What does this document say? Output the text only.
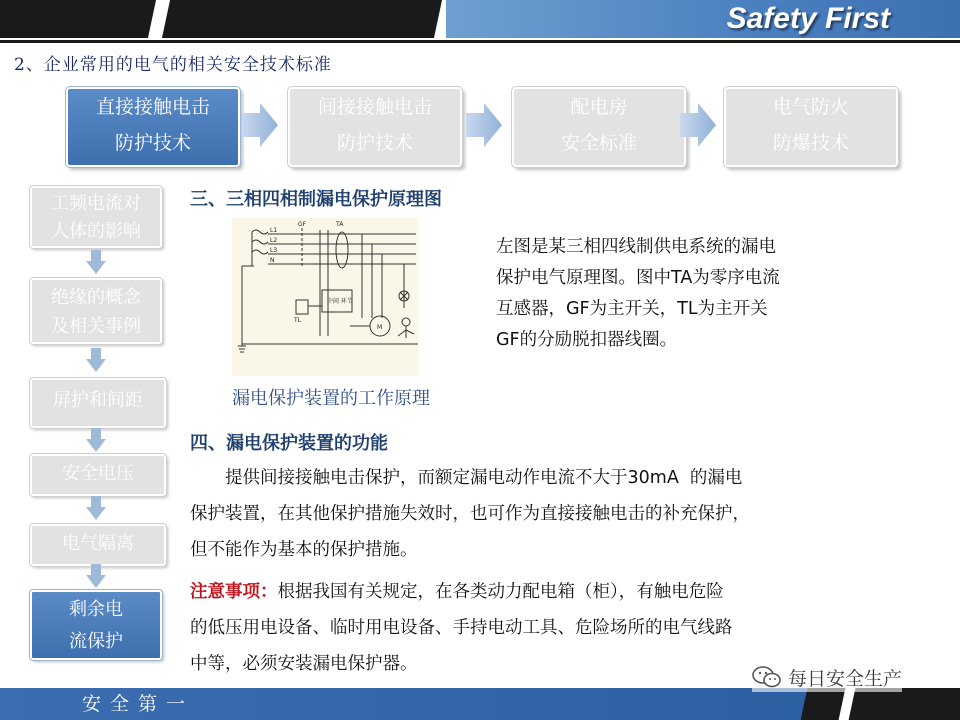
Safety First
2、企业常用的电气的相关安全技术标准
直接接触电击
防护技术
间接接触电击
防护技术
配电房
安全标准
电气防火
防爆技术
工频电流对
人体的影响
绝缘的概念
及相关事例
屏护和间距
安全电压
电气隔离
剩余电
流保护
三、三相四相制漏电保护原理图
L1
L2
L3
N
GF	TA
TL
中间 环节
M
漏电保护装置的工作原理
左图是某三相四线制供电系统的漏电
保护电气原理图。图中TA为零序电流
互感器，GF为主开关，TL为主开关
GF的分励脱扣器线圈。
四、漏电保护装置的功能
　　提供间接接触电击保护，而额定漏电动作电流不大于30mA  的漏电
保护装置，在其他保护措施失效时，也可作为直接接触电击的补充保护，
但不能作为基本的保护措施。
注意事项：根据我国有关规定，在各类动力配电箱（柜），有触电危险
的低压用电设备、临时用电设备、手持电动工具、危险场所的电气线路
中等，必须安装漏电保护器。
安全第一
每日安全生产
